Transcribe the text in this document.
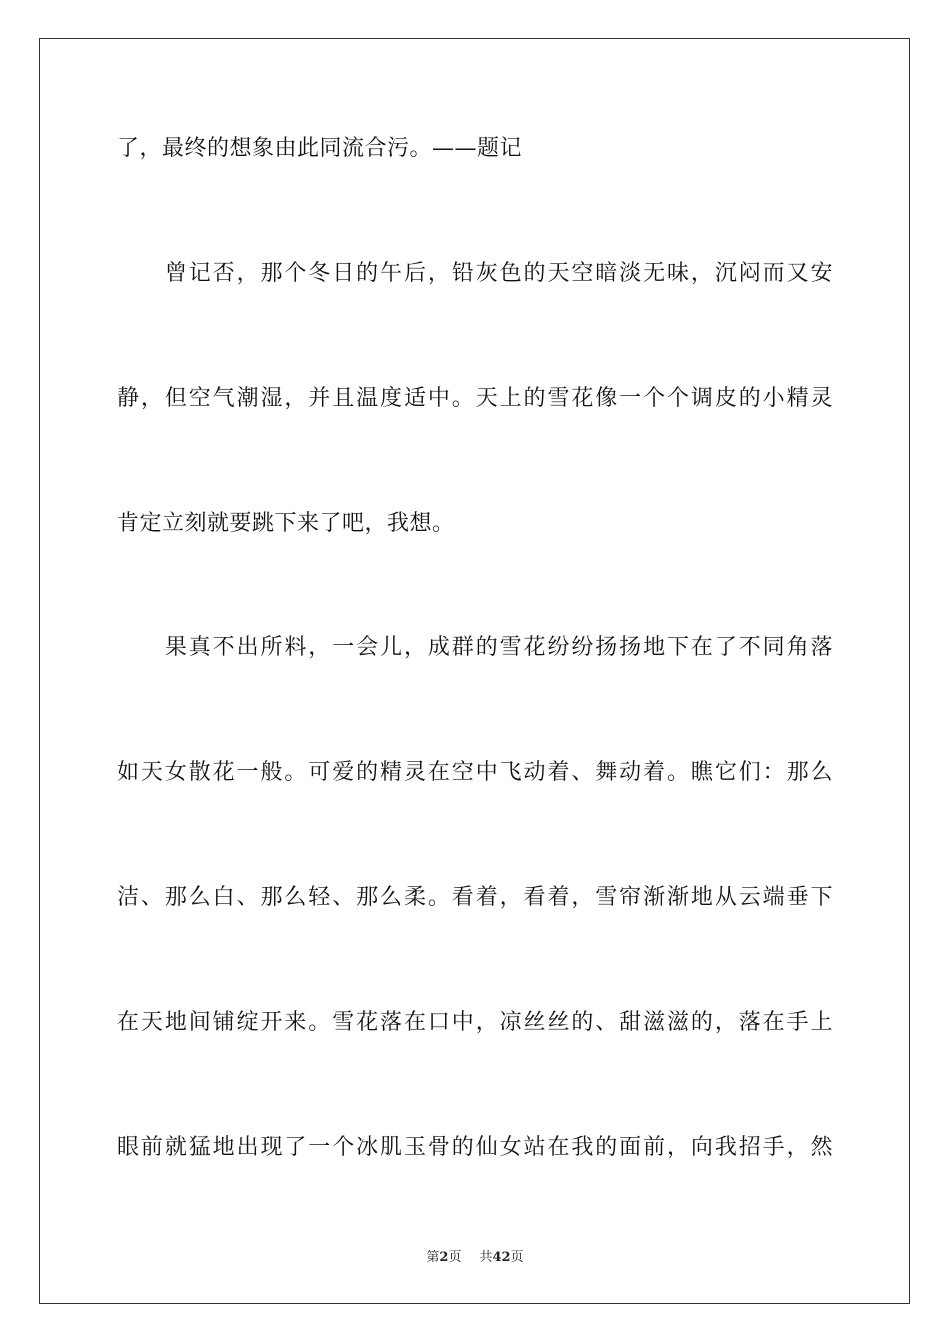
了，最终的想象由此同流合污。——题记
　　曾记否，那个冬日的午后，铅灰色的天空暗淡无味，沉闷而又安
静，但空气潮湿，并且温度适中。天上的雪花像一个个调皮的小精灵
肯定立刻就要跳下来了吧，我想。
　　果真不出所料，一会儿，成群的雪花纷纷扬扬地下在了不同角落
如天女散花一般。可爱的精灵在空中飞动着、舞动着。瞧它们：那么
洁、那么白、那么轻、那么柔。看着，看着，雪帘渐渐地从云端垂下
在天地间铺绽开来。雪花落在口中，凉丝丝的、甜滋滋的，落在手上
眼前就猛地出现了一个冰肌玉骨的仙女站在我的面前，向我招手，然
第2页 共42页
